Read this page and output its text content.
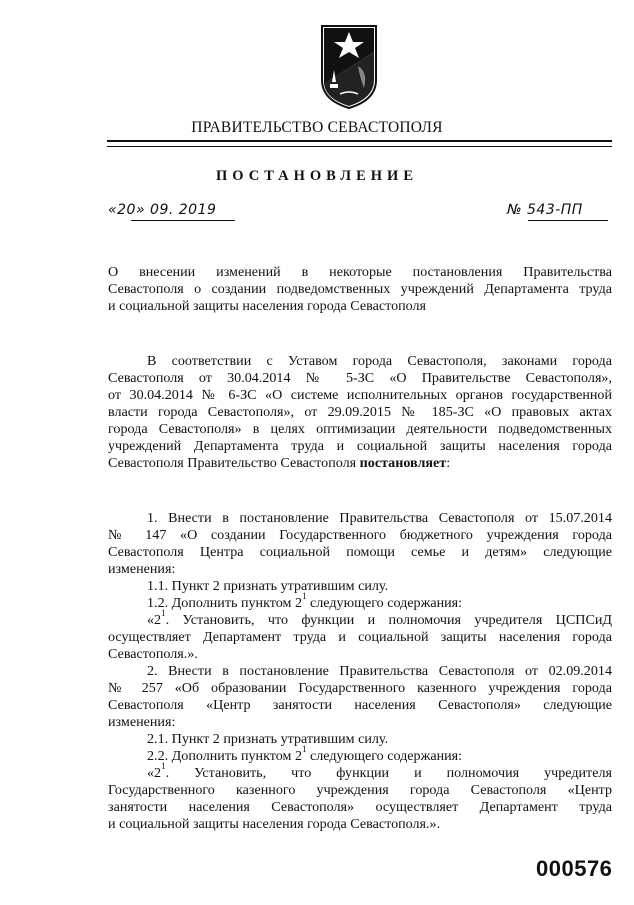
ПРАВИТЕЛЬСТВО СЕВАСТОПОЛЯ
ПОСТАНОВЛЕНИЕ
«20» 09. 2019	№ 543-ПП
О внесении изменений в некоторые постановления Правительства
Севастополя о создании подведомственных учреждений Департамента труда
и социальной защиты населения города Севастополя
В соответствии с Уставом города Севастополя, законами города
Севастополя от 30.04.2014 № 5-ЗС «О Правительстве Севастополя»,
от 30.04.2014 № 6-ЗС «О системе исполнительных органов государственной
власти города Севастополя», от 29.09.2015 № 185-ЗС «О правовых актах
города Севастополя» в целях оптимизации деятельности подведомственных
учреждений Департамента труда и социальной защиты населения города
Севастополя Правительство Севастополя постановляет:
1. Внести в постановление Правительства Севастополя от 15.07.2014
№ 147 «О создании Государственного бюджетного учреждения города
Севастополя Центра социальной помощи семье и детям» следующие
изменения:
1.1. Пункт 2 признать утратившим силу.
1.2. Дополнить пунктом $2^1$ следующего содержания:
«$2^1$. Установить, что функции и полномочия учредителя ЦСПСиД
осуществляет Департамент труда и социальной защиты населения города
Севастополя.».
2. Внести в постановление Правительства Севастополя от 02.09.2014
№ 257 «Об образовании Государственного казенного учреждения города
Севастополя «Центр занятости населения Севастополя» следующие
изменения:
2.1. Пункт 2 признать утратившим силу.
2.2. Дополнить пунктом $2^1$ следующего содержания:
«$2^1$. Установить, что функции и полномочия учредителя
Государственного казенного учреждения города Севастополя «Центр
занятости населения Севастополя» осуществляет Департамент труда
и социальной защиты населения города Севастополя.».
000576
